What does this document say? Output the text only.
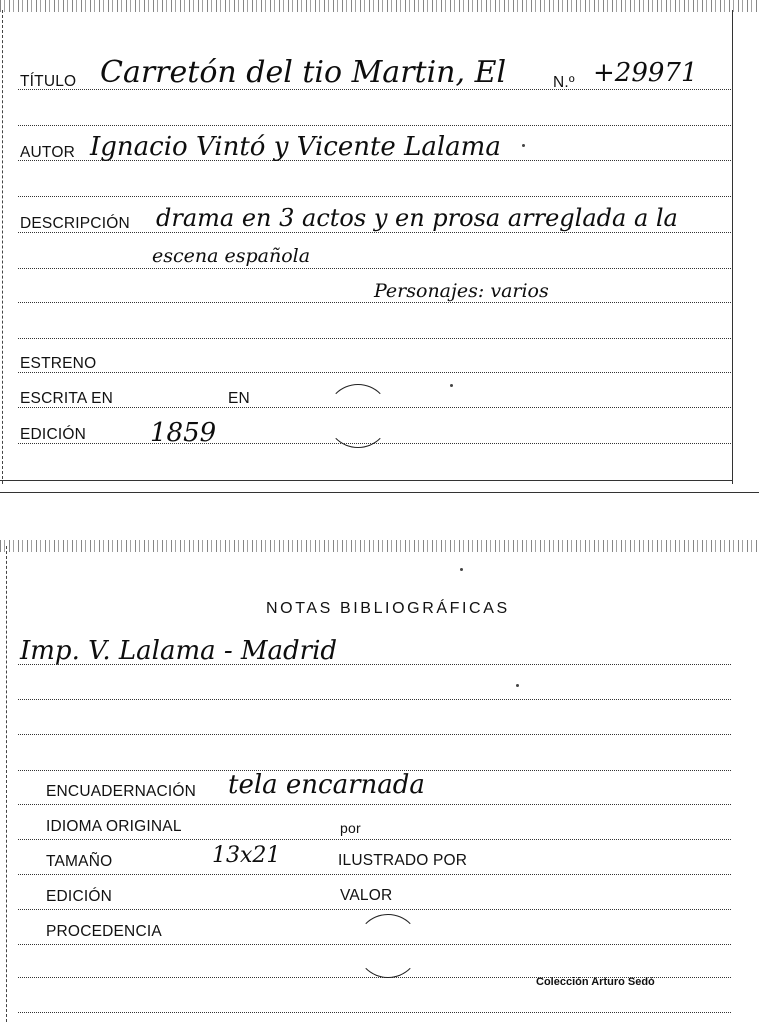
TÍTULO Carretón del tio Martin, El	N.º +29971
AUTOR Ignacio Vintó y Vicente Lalama
DESCRIPCIÓN drama en 3 actos y en prosa arreglada a la
escena española
Personajes: varios
ESTRENO
ESCRITA EN	EN
EDICIÓN 1859
NOTAS BIBLIOGRÁFICAS
Imp. V. Lalama - Madrid
ENCUADERNACIÓN tela encarnada
IDIOMA ORIGINAL	por
TAMAÑO	13x21	ILUSTRADO POR
EDICIÓN	VALOR
PROCEDENCIA
Colección Arturo Sedó
